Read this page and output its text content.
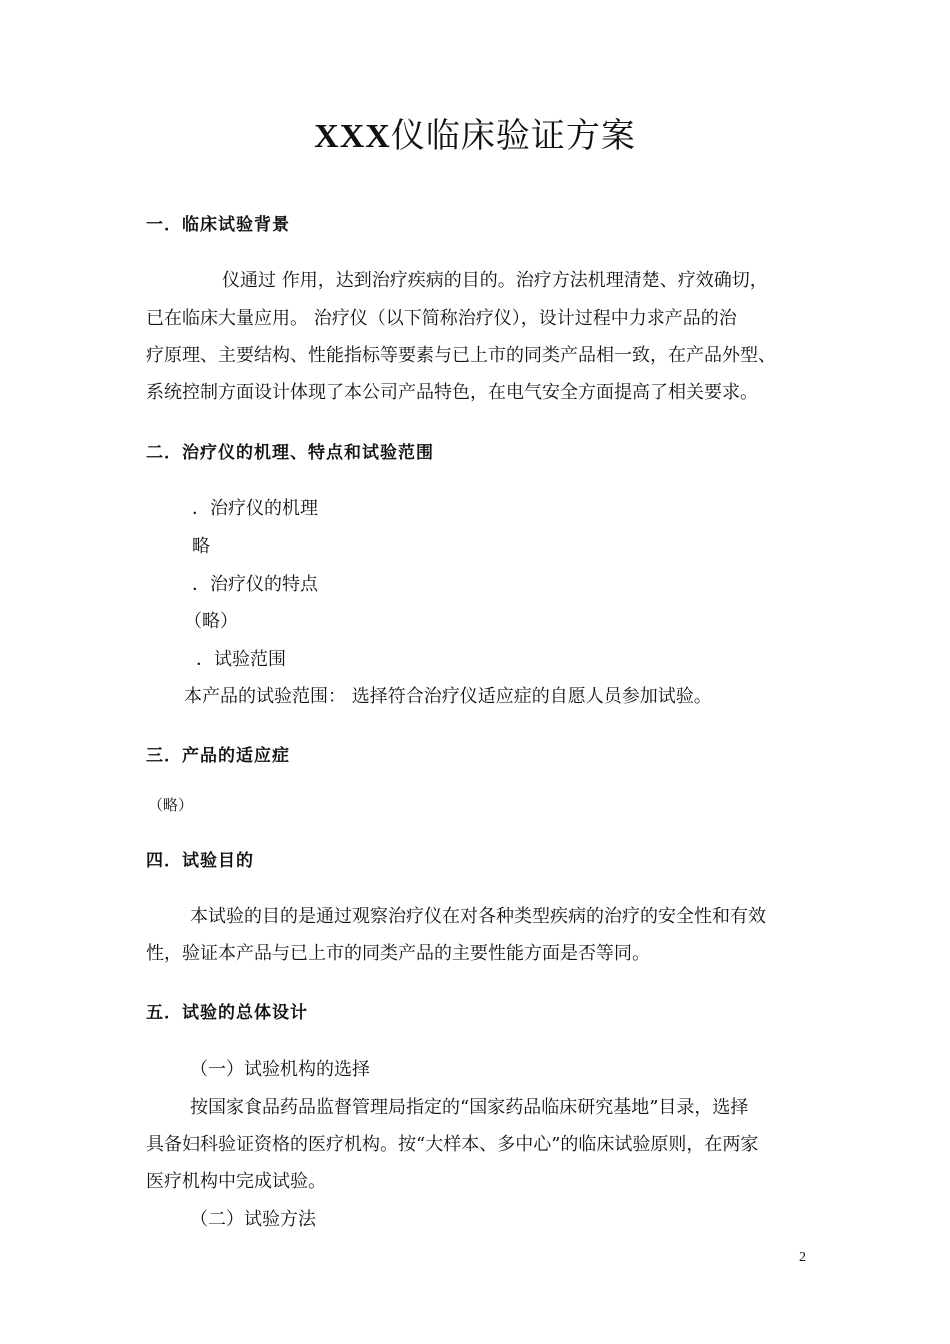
XXX仪临床验证方案
一．临床试验背景
仪通过 作用，达到治疗疾病的目的。治疗方法机理清楚、疗效确切，
已在临床大量应用。 治疗仪（以下简称治疗仪），设计过程中力求产品的治
疗原理、主要结构、性能指标等要素与已上市的同类产品相一致，在产品外型、
系统控制方面设计体现了本公司产品特色，在电气安全方面提高了相关要求。
二．治疗仪的机理、特点和试验范围
．治疗仪的机理
略
．治疗仪的特点
（略）
．试验范围
本产品的试验范围： 选择符合治疗仪适应症的自愿人员参加试验。
三．产品的适应症
（略）
四．试验目的
本试验的目的是通过观察治疗仪在对各种类型疾病的治疗的安全性和有效
性，验证本产品与已上市的同类产品的主要性能方面是否等同。
五．试验的总体设计
（一）试验机构的选择
按国家食品药品监督管理局指定的“国家药品临床研究基地”目录，选择
具备妇科验证资格的医疗机构。按“大样本、多中心”的临床试验原则，在两家
医疗机构中完成试验。
（二）试验方法
2
